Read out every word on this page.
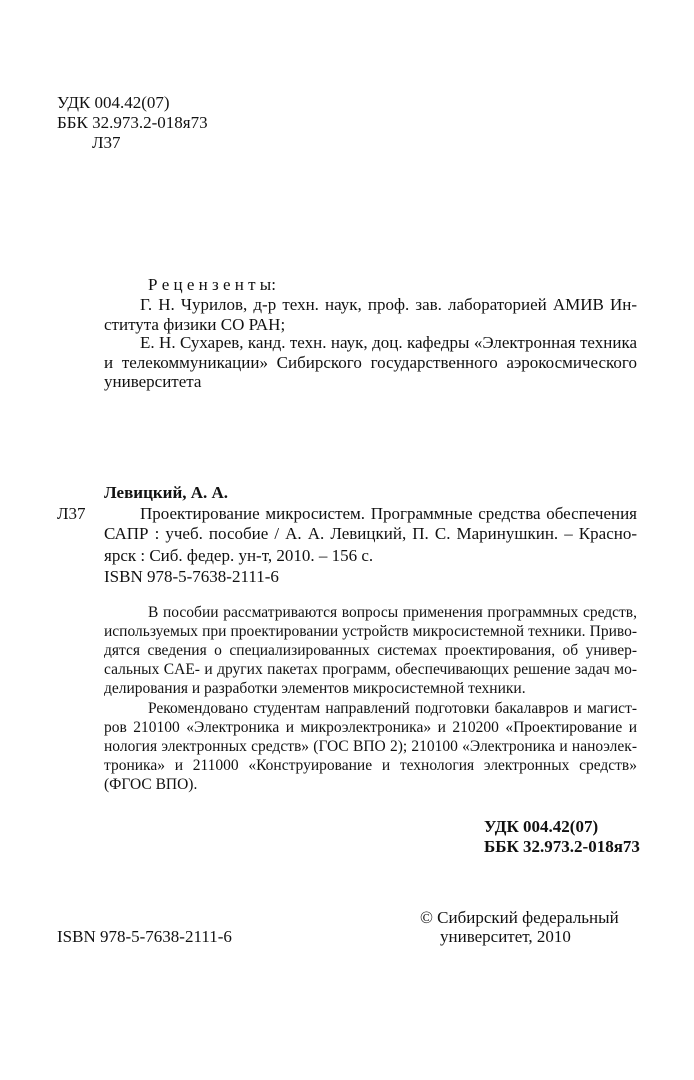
УДК 004.42(07)
ББК 32.973.2-018я73
Л37
Р е ц е н з е н т ы:
Г. Н. Чурилов, д-р техн. наук, проф. зав. лабораторией АМИВ Ин-
ститута физики СО РАН;
Е. Н. Сухарев, канд. техн. наук, доц. кафедры «Электронная техника
и телекоммуникации» Сибирского государственного аэрокосмического
университета
Левицкий, А. А.
Л37	Проектирование микросистем. Программные средства обеспечения
САПР : учеб. пособие / А. А. Левицкий, П. С. Маринушкин. – Красно-
ярск : Сиб. федер. ун-т, 2010. – 156 с.
ISBN 978-5-7638-2111-6
В пособии рассматриваются вопросы применения программных средств,
используемых при проектировании устройств микросистемной техники. Приво-
дятся сведения о специализированных системах проектирования, об универ-
сальных CAE- и других пакетах программ, обеспечивающих решение задач мо-
делирования и разработки элементов микросистемной техники.
Рекомендовано студентам направлений подготовки бакалавров и магист-
ров 210100 «Электроника и микроэлектроника» и 210200 «Проектирование и
нология электронных средств» (ГОС ВПО 2); 210100 «Электроника и наноэлек-
троника» и 211000 «Конструирование и технология электронных средств»
(ФГОС ВПО).
УДК 004.42(07)
ББК 32.973.2-018я73
© Сибирский федеральный
ISBN 978-5-7638-2111-6	университет, 2010
